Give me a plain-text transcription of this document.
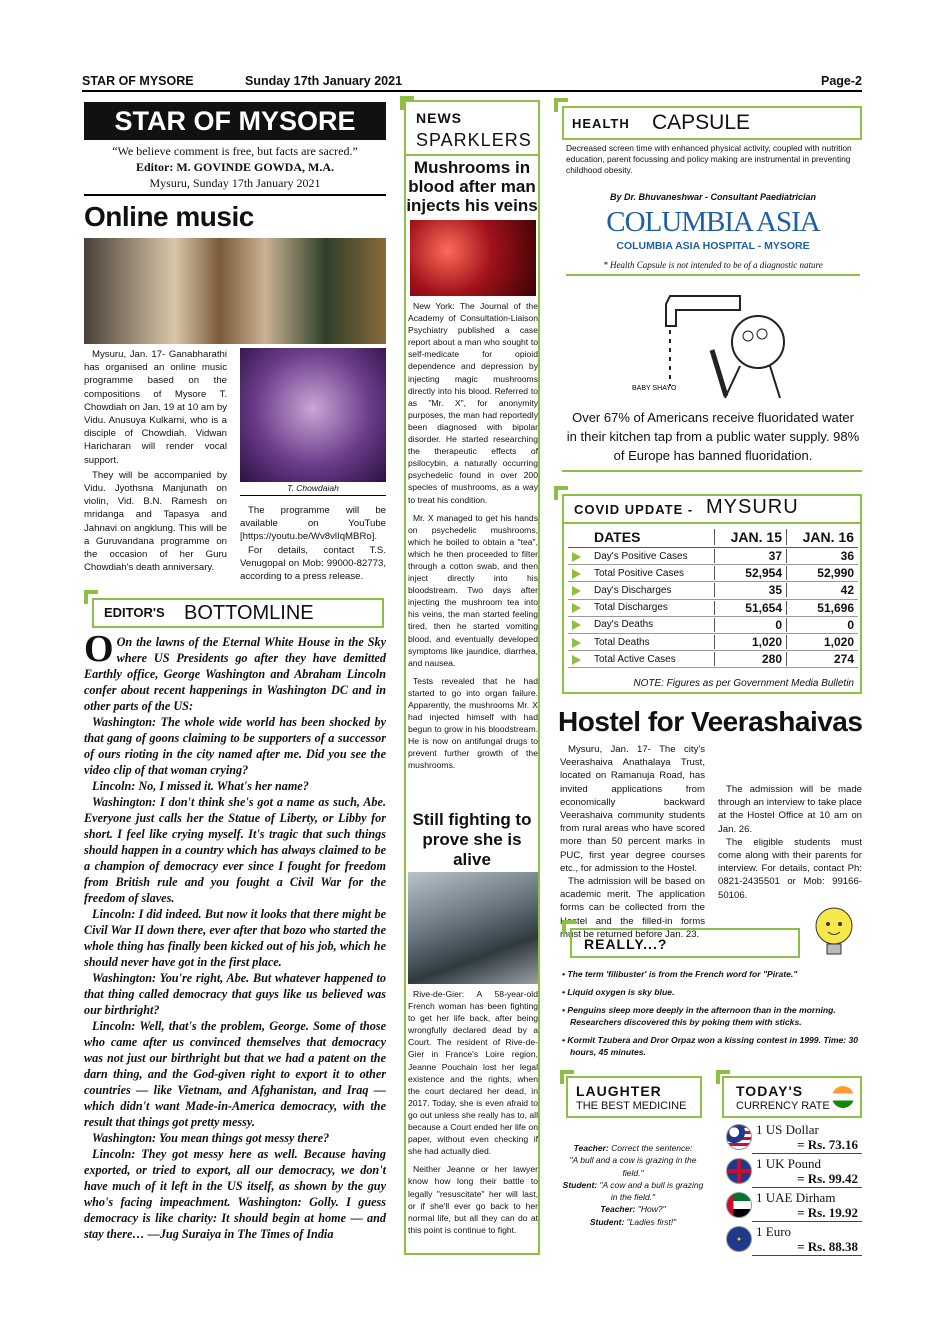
STAR OF MYSORE	Sunday 17th January 2021	Page-2
STAR OF MYSORE
“We believe comment is free, but facts are sacred.”
Editor: M. GOVINDE GOWDA, M.A.
Mysuru, Sunday 17th January 2021
Online music

Mysuru, Jan. 17- Ganabharathi has organised an online music programme based on the compositions of Mysore T. Chowdiah on Jan. 19 at 10 am by Vidu. Anusuya Kulkarni, who is a disciple of Chowdiah. Vidwan Haricharan will render vocal support.

They will be accompanied by Vidu. Jyothsna Manjunath on violin, Vid. B.N. Ramesh on mridanga and Tapasya and Jahnavi on angklung. This will be a Guruvandana programme on the occasion of her Guru Chowdiah's death anniversary.

T. Chowdaiah

The programme will be available on YouTube [https://youtu.be/Wv8vlIqMBRo].

For details, contact T.S. Venugopal on Mob: 99000-82773, according to a press release.

EDITOR'S BOTTOMLINE

O On the lawns of the Eternal White House in the Sky where US Presidents go after they have demitted Earthly office, George Washington and Abraham Lincoln confer about recent happenings in Washington DC and in other parts of the US:

Washington: The whole wide world has been shocked by that gang of goons claiming to be supporters of a successor of ours rioting in the city named after me. Did you see the video clip of that woman crying?

Lincoln: No, I missed it. What's her name?

Washington: I don't think she's got a name as such, Abe. Everyone just calls her the Statue of Liberty, or Libby for short. I feel like crying myself. It's tragic that such things should happen in a country which has always claimed to be a champion of democracy ever since I fought for freedom from British rule and you fought a Civil War for the freedom of slaves.

Lincoln: I did indeed. But now it looks that there might be Civil War II down there, ever after that bozo who started the whole thing has finally been kicked out of his job, which he should never have got in the first place.

Washington: You're right, Abe. But whatever happened to that thing called democracy that guys like us believed was our birthright?

Lincoln: Well, that's the problem, George. Some of those who came after us convinced themselves that democracy was not just our birthright but that we had a patent on the darn thing, and the God-given right to export it to other countries — like Vietnam, and Afghanistan, and Iraq — which didn't want Made-in-America democracy, with the result that things got pretty messy.

Washington: You mean things got messy there?

Lincoln: They got messy here as well. Because having exported, or tried to export, all our democracy, we don't have much of it left in the US itself, as shown by the guy who's facing impeachment. Washington: Golly. I guess democracy is like charity: It should begin at home — and stay there… —Jug Suraiya in The Times of India

NEWS
SPARKLERS
Mushrooms in blood after man injects his veins

New York: The Journal of the Academy of Consultation-Liaison Psychiatry published a case report about a man who sought to self-medicate for opioid dependence and depression by injecting magic mushrooms directly into his blood. Referred to as "Mr. X", for anonymity purposes, the man had reportedly been diagnosed with bipolar disorder. He started researching the therapeutic effects of psilocybin, a naturally occurring psychedelic found in over 200 species of mushrooms, as a way to treat his condition.

Mr. X managed to get his hands on psychedelic mushrooms, which he boiled to obtain a "tea", which he then proceeded to filter through a cotton swab, and then inject directly into his bloodstream. Two days after injecting the mushroom tea into his veins, the man started feeling tired, then he started vomiting blood, and eventually developed symptoms like jaundice, diarrhea, and nausea.

Tests revealed that he had started to go into organ failure. Apparently, the mushrooms Mr. X had injected himself with had begun to grow in his bloodstream. He is now on antifungal drugs to prevent further growth of the mushrooms.

Still fighting to prove she is alive

Rive-de-Gier: A 58-year-old French woman has been fighting to get her life back, after being wrongfully declared dead by a Court. The resident of Rive-de-Gier in France's Loire region, Jeanne Pouchain lost her legal existence and the rights, when the court declared her dead, in 2017. Today, she is even afraid to go out unless she really has to, all because a Court ended her life on paper, without even checking if she had actually died.

Neither Jeanne or her lawyer know how long their battle to legally "resuscitate" her will last, or if she'll ever go back to her normal life, but all they can do at this point is continue to fight.

HEALTH CAPSULE
Decreased screen time with enhanced physical activity, coupled with nutrition education, parent focussing and policy making are instrumental in preventing childhood obesity.
By Dr. Bhuvaneshwar - Consultant Paediatrician
COLUMBIA ASIA
COLUMBIA ASIA HOSPITAL - MYSORE
* Health Capsule is not intended to be of a diagnostic nature
BABY SHAYO
Over 67% of Americans receive fluoridated water in their kitchen tap from a public water supply. 98% of Europe has banned fluoridation.
COVID UPDATE - MYSURU
DATES	JAN. 15	JAN. 16
Day's Positive Cases	37	36
Total Positive Cases	52,954	52,990
Day's Discharges	35	42
Total Discharges	51,654	51,696
Day's Deaths	0	0
Total Deaths	1,020	1,020
Total Active Cases	280	274
NOTE: Figures as per Government Media Bulletin
Hostel for Veerashaivas

Mysuru, Jan. 17- The city's Veerashaiva Anathalaya Trust, located on Ramanuja Road, has invited applications from economically backward Veerashaiva community students from rural areas who have scored more than 50 percent marks in PUC, first year degree courses etc., for admission to the Hostel.

The admission will be based on academic merit. The application forms can be collected from the Hostel and the filled-in forms must be returned before Jan. 23.

The admission will be made through an interview to take place at the Hostel Office at 10 am on Jan. 26.

The eligible students must come along with their parents for interview. For details, contact Ph: 0821-2435501 or Mob: 99166-50106.

REALLY...?
• The term 'filibuster' is from the French word for "Pirate."
• Liquid oxygen is sky blue.
• Penguins sleep more deeply in the afternoon than in the morning. Researchers discovered this by poking them with sticks.
• Kormit Tzubera and Dror Orpaz won a kissing contest in 1999. Time: 30 hours, 45 minutes.
LAUGHTER
THE BEST MEDICINE
Teacher: Correct the sentence:
"A bull and a cow is grazing in the field."
Student: "A cow and a bull is grazing in the field."
Teacher: "How?"
Student: "Ladies first!"
TODAY'S
CURRENCY RATE
1 US Dollar
= Rs. 73.16
1 UK Pound
= Rs. 99.42
1 UAE Dirham
= Rs. 19.92
1 Euro
= Rs. 88.38
